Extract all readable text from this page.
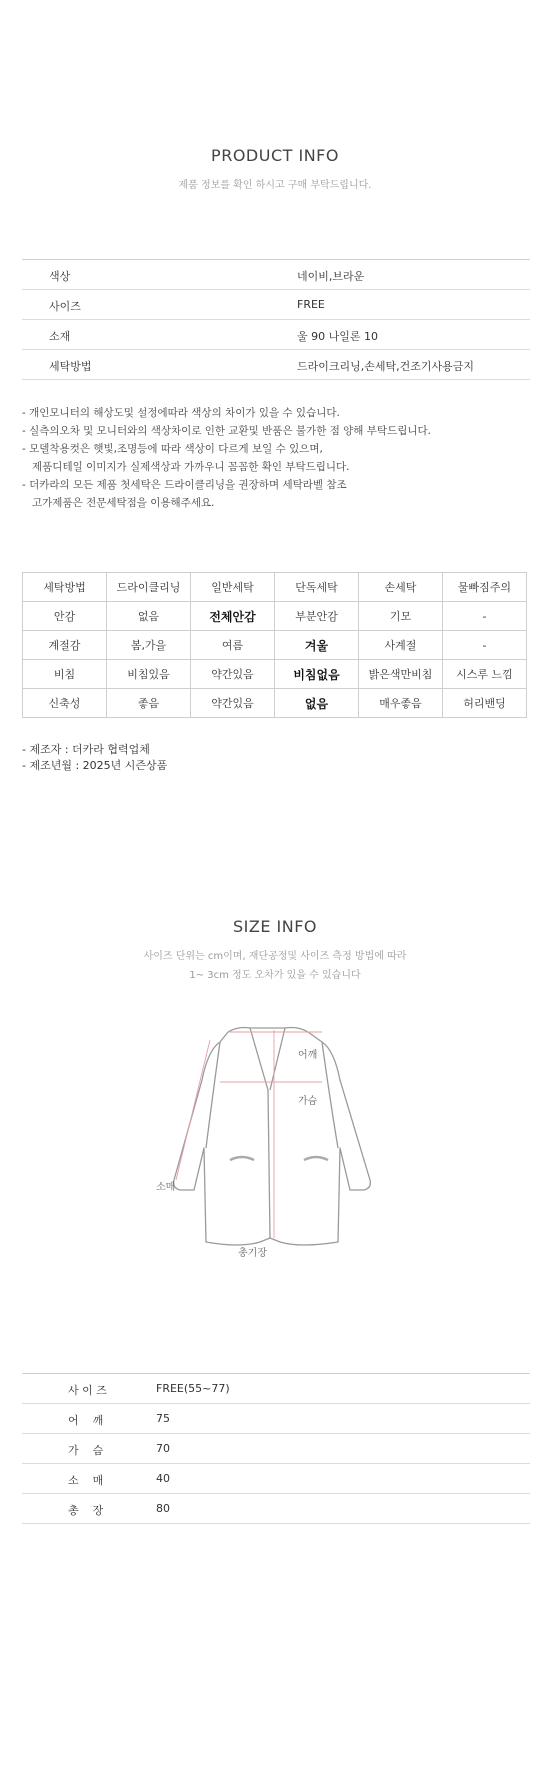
PRODUCT INFO
제품 정보를 확인 하시고 구매 부탁드립니다.
색상	네이비,브라운
사이즈	FREE
소재	울 90 나일론 10
세탁방법	드라이크리닝,손세탁,건조기사용금지
- 개인모니터의 해상도및 설정에따라 색상의 차이가 있을 수 있습니다.
- 실측의오차 및 모니터와의 색상차이로 인한 교환및 반품은 불가한 점 양해 부탁드립니다.
- 모델착용컷은 햇빛,조명등에 따라 색상이 다르게 보일 수 있으며,
제품디테일 이미지가 실제색상과 가까우니 꼼꼼한 확인 부탁드립니다.
- 더카라의 모든 제품 첫세탁은 드라이클리닝을 권장하며 세탁라벨 참조
고가제품은 전문세탁점을 이용해주세요.
세탁방법	드라이클리닝	일반세탁	단독세탁	손세탁	물빠짐주의
안감	없음	전체안감	부분안감	기모	-
계절감	봄,가을	여름	겨울	사계절	-
비침	비침있음	약간있음	비침없음	밝은색만비침	시스루 느낌
신축성	좋음	약간있음	없음	매우좋음	허리밴딩
- 제조자 : 더카라 협력업체
- 제조년월 : 2025년 시즌상품
SIZE INFO
사이즈 단위는 cm이며, 재단공정및 사이즈 측정 방법에 따라
1~ 3cm 정도 오차가 있을 수 있습니다
어깨
가슴
소매
총기장
사 이 즈	FREE(55~77)
어    깨	75
가    슴	70
소    매	40
총    장	80
